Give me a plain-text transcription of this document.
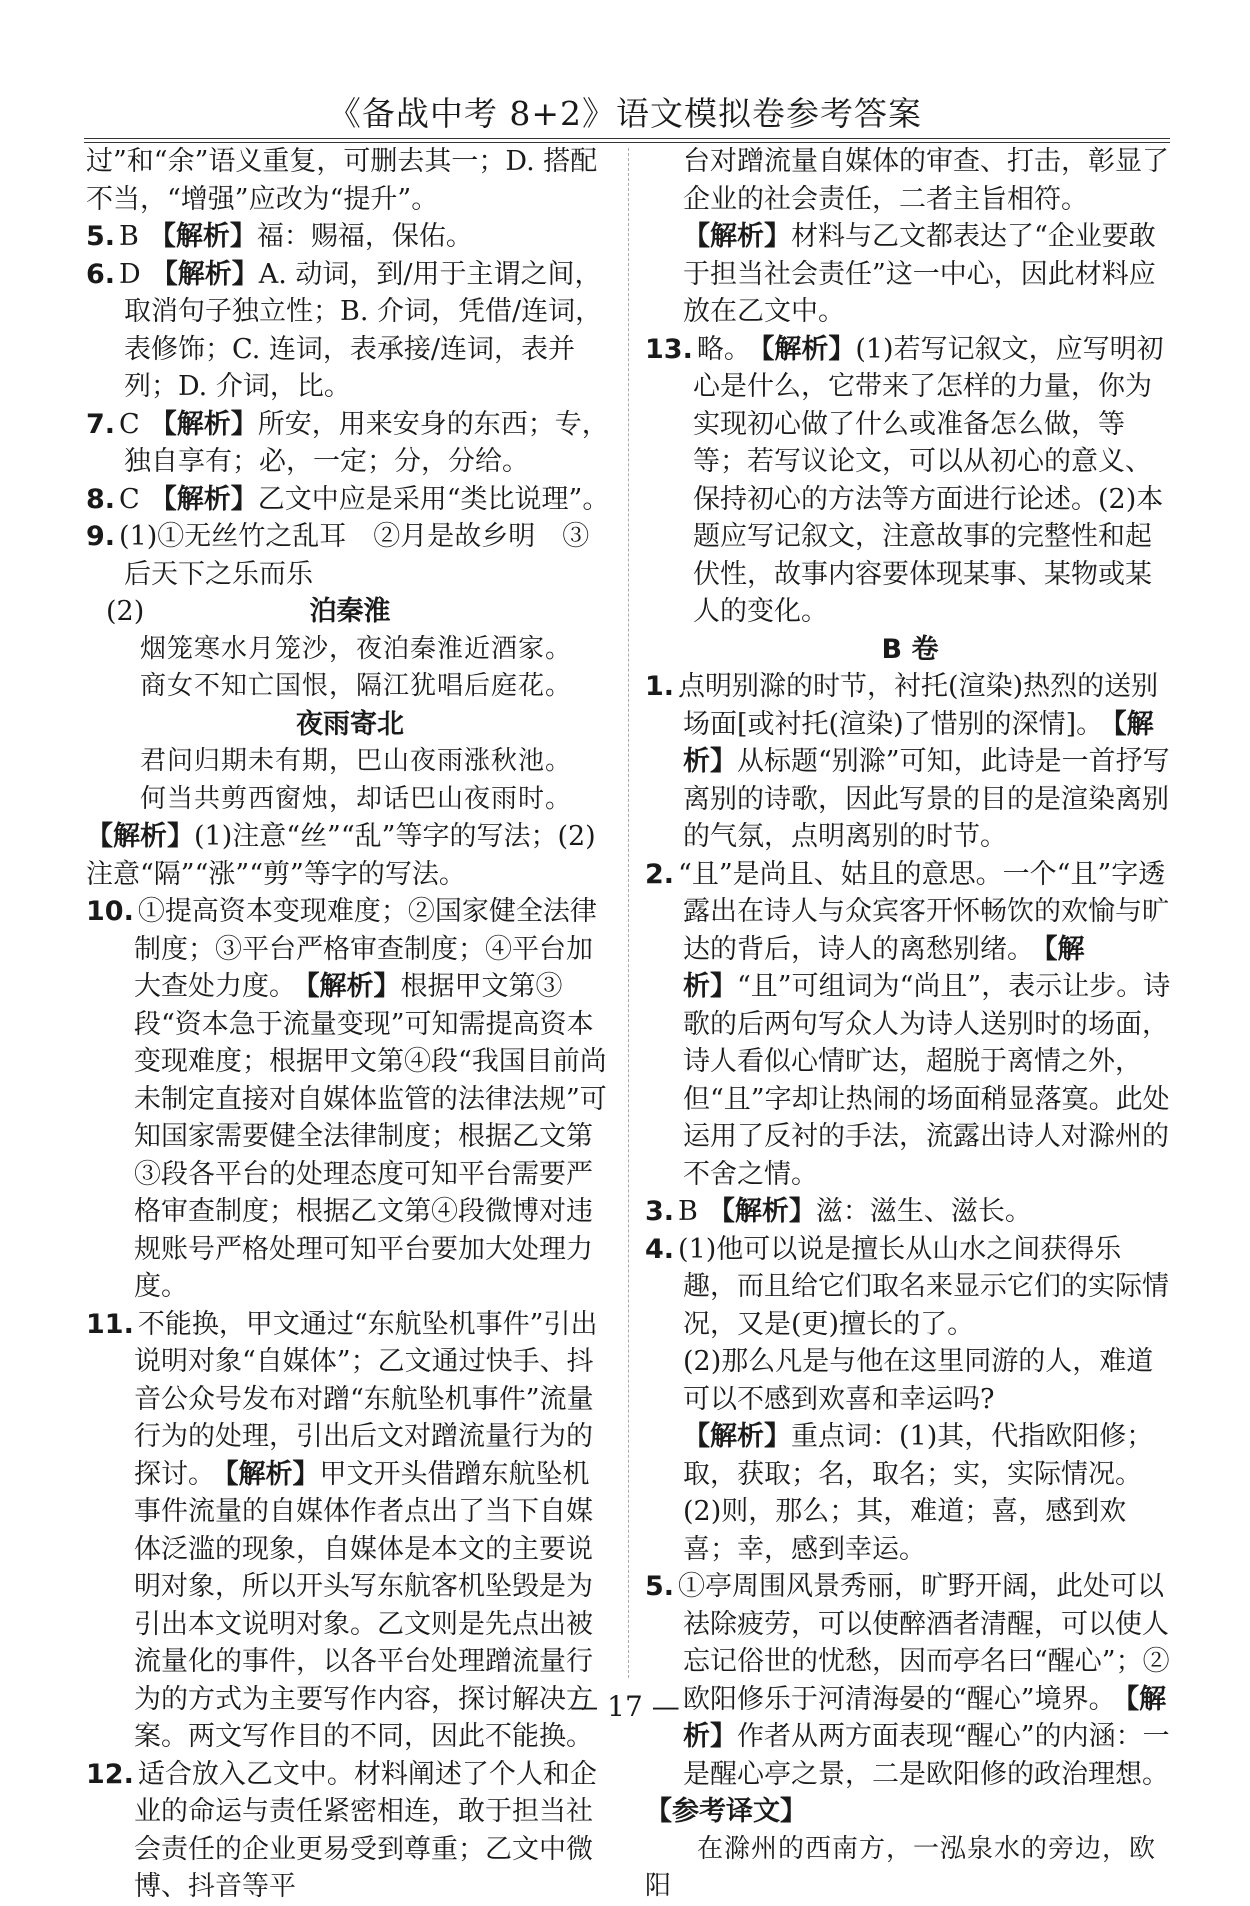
《备战中考 8+2》语文模拟卷参考答案
过”和“余”语义重复，可删去其一；D. 搭配不当，“增强”应改为“提升”。
5. B 【解析】福：赐福，保佑。
6. D 【解析】A. 动词，到/用于主谓之间，取消句子独立性；B. 介词，凭借/连词，表修饰；C. 连词，表承接/连词，表并列；D. 介词，比。
7. C 【解析】所安，用来安身的东西；专，独自享有；必，一定；分，分给。
8. C 【解析】乙文中应是采用“类比说理”。
9. (1)①无丝竹之乱耳　②月是故乡明　③后天下之乐而乐
(2)	泊秦淮
烟笼寒水月笼沙，夜泊秦淮近酒家。
商女不知亡国恨，隔江犹唱后庭花。
夜雨寄北
君问归期未有期，巴山夜雨涨秋池。
何当共剪西窗烛，却话巴山夜雨时。
【解析】(1)注意“丝”“乱”等字的写法；(2)注意“隔”“涨”“剪”等字的写法。
10. ①提高资本变现难度；②国家健全法律制度；③平台严格审查制度；④平台加大查处力度。 【解析】根据甲文第③段“资本急于流量变现”可知需提高资本变现难度；根据甲文第④段“我国目前尚未制定直接对自媒体监管的法律法规”可知国家需要健全法律制度；根据乙文第③段各平台的处理态度可知平台需要严格审查制度；根据乙文第④段微博对违规账号严格处理可知平台要加大处理力度。
11. 不能换，甲文通过“东航坠机事件”引出说明对象“自媒体”；乙文通过快手、抖音公众号发布对蹭“东航坠机事件”流量行为的处理，引出后文对蹭流量行为的探讨。 【解析】甲文开头借蹭东航坠机事件流量的自媒体作者点出了当下自媒体泛滥的现象，自媒体是本文的主要说明对象，所以开头写东航客机坠毁是为引出本文说明对象。乙文则是先点出被流量化的事件，以各平台处理蹭流量行为的方式为主要写作内容，探讨解决方案。两文写作目的不同，因此不能换。
12. 适合放入乙文中。材料阐述了个人和企业的命运与责任紧密相连，敢于担当社会责任的企业更易受到尊重；乙文中微博、抖音等平
台对蹭流量自媒体的审查、打击，彰显了企业的社会责任，二者主旨相符。【解析】材料与乙文都表达了“企业要敢于担当社会责任”这一中心，因此材料应放在乙文中。
13. 略。 【解析】(1)若写记叙文，应写明初心是什么，它带来了怎样的力量，你为实现初心做了什么或准备怎么做，等等；若写议论文，可以从初心的意义、保持初心的方法等方面进行论述。(2)本题应写记叙文，注意故事的完整性和起伏性，故事内容要体现某事、某物或某人的变化。
B 卷
1. 点明别滁的时节，衬托(渲染)热烈的送别场面[或衬托(渲染)了惜别的深情]。 【解析】从标题“别滁”可知，此诗是一首抒写离别的诗歌，因此写景的目的是渲染离别的气氛，点明离别的时节。
2. “且”是尚且、姑且的意思。一个“且”字透露出在诗人与众宾客开怀畅饮的欢愉与旷达的背后，诗人的离愁别绪。 【解析】“且”可组词为“尚且”，表示让步。诗歌的后两句写众人为诗人送别时的场面，诗人看似心情旷达，超脱于离情之外，但“且”字却让热闹的场面稍显落寞。此处运用了反衬的手法，流露出诗人对滁州的不舍之情。
3. B 【解析】滋：滋生、滋长。
4. (1)他可以说是擅长从山水之间获得乐趣，而且给它们取名来显示它们的实际情况，又是(更)擅长的了。
(2)那么凡是与他在这里同游的人，难道可以不感到欢喜和幸运吗?
【解析】重点词：(1)其，代指欧阳修；取，获取；名，取名；实，实际情况。(2)则，那么；其，难道；喜，感到欢喜；幸，感到幸运。
5. ①亭周围风景秀丽，旷野开阔，此处可以祛除疲劳，可以使醉酒者清醒，可以使人忘记俗世的忧愁，因而亭名曰“醒心”；②欧阳修乐于河清海晏的“醒心”境界。 【解析】作者从两方面表现“醒心”的内涵：一是醒心亭之景，二是欧阳修的政治理想。
【参考译文】
在滁州的西南方，一泓泉水的旁边，欧阳
— 17 —
